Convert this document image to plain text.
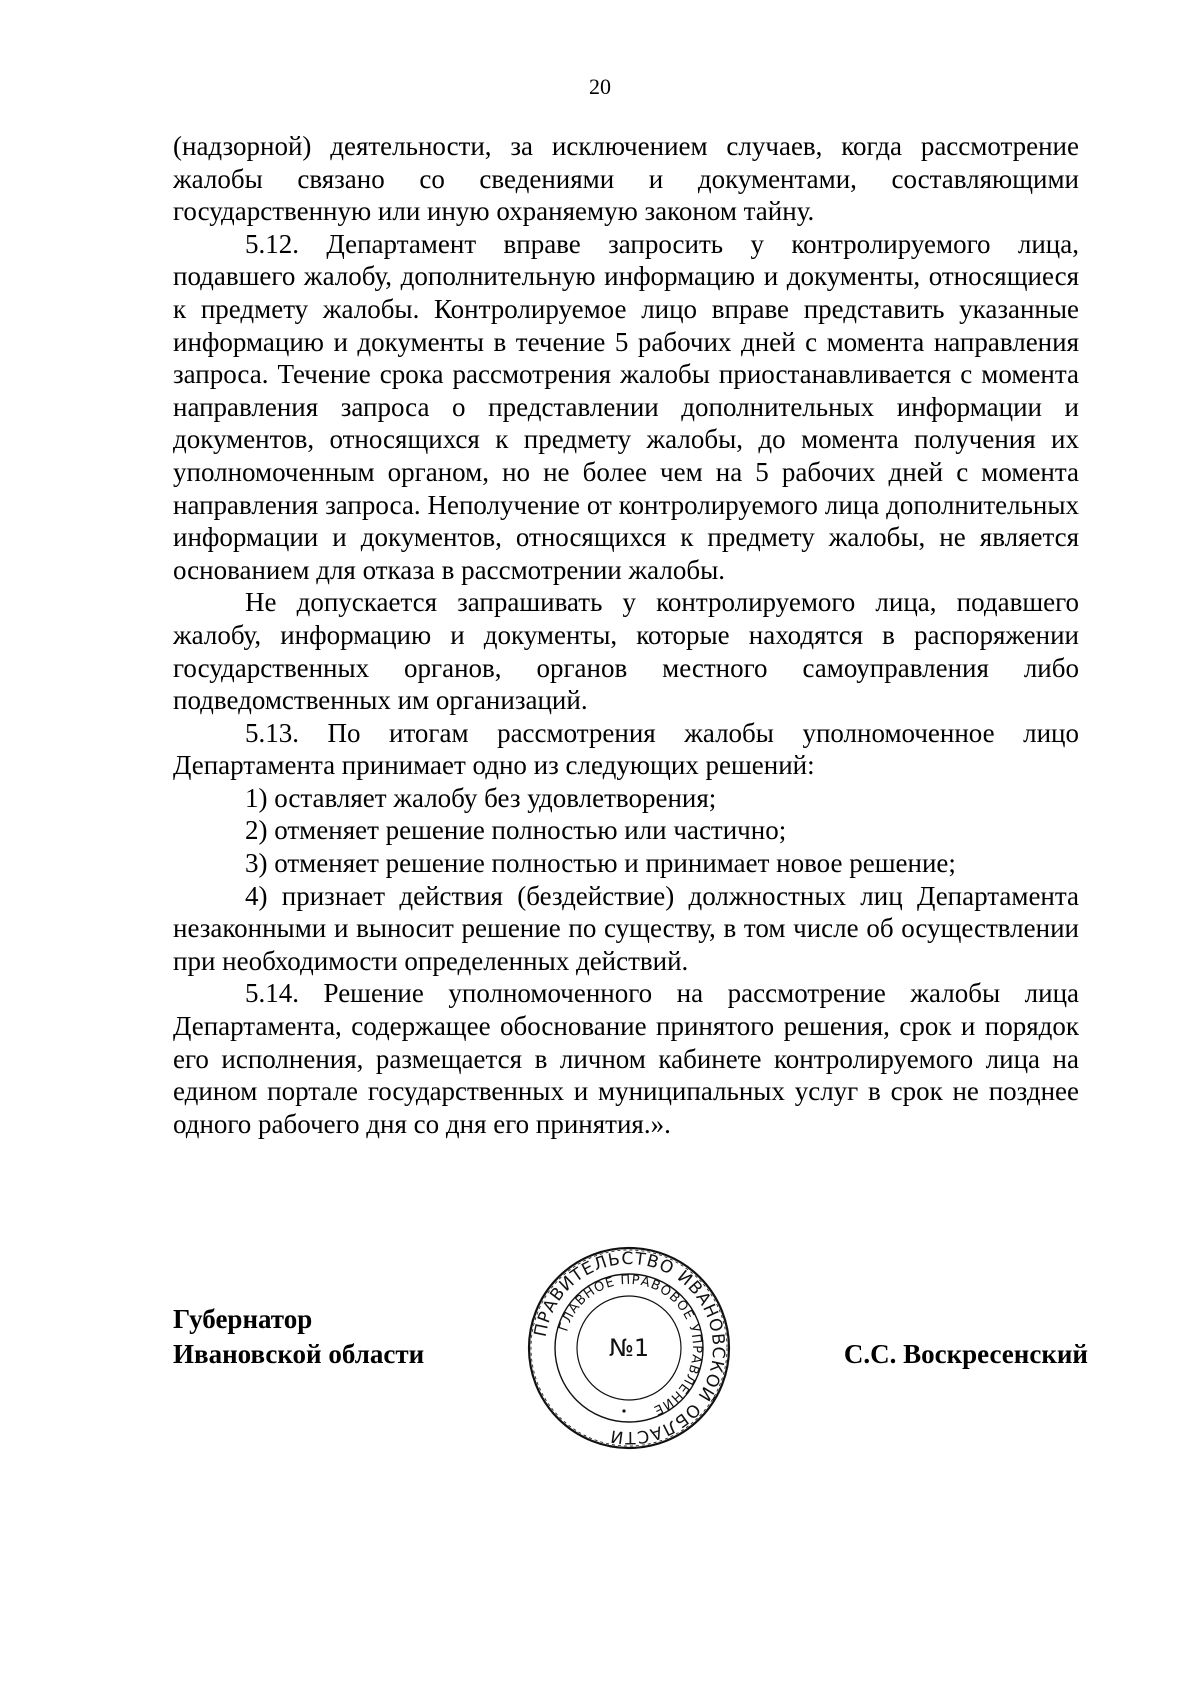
20

(надзорной) деятельности, за исключением случаев, когда рассмотрение жалобы связано со сведениями и документами, составляющими государственную или иную охраняемую законом тайну.

5.12. Департамент вправе запросить у контролируемого лица, подавшего жалобу, дополнительную информацию и документы, относящиеся к предмету жалобы. Контролируемое лицо вправе представить указанные информацию и документы в течение 5 рабочих дней с момента направления запроса. Течение срока рассмотрения жалобы приостанавливается с момента направления запроса о представлении дополнительных информации и документов, относящихся к предмету жалобы, до момента получения их уполномоченным органом, но не более чем на 5 рабочих дней с момента направления запроса. Неполучение от контролируемого лица дополнительных информации и документов, относящихся к предмету жалобы, не является основанием для отказа в рассмотрении жалобы.

Не допускается запрашивать у контролируемого лица, подавшего жалобу, информацию и документы, которые находятся в распоряжении государственных органов, органов местного самоуправления либо подведомственных им организаций.

5.13. По итогам рассмотрения жалобы уполномоченное лицо Департамента принимает одно из следующих решений:

1) оставляет жалобу без удовлетворения;

2) отменяет решение полностью или частично;

3) отменяет решение полностью и принимает новое решение;

4) признает действия (бездействие) должностных лиц Департамента незаконными и выносит решение по существу, в том числе об осуществлении при необходимости определенных действий.

5.14. Решение уполномоченного на рассмотрение жалобы лица Департамента, содержащее обоснование принятого решения, срок и порядок его исполнения, размещается в личном кабинете контролируемого лица на едином портале государственных и муниципальных услуг в срок не позднее одного рабочего дня со дня его принятия.».

Губернатор
Ивановской области
ПРАВИТЕЛЬСТВО ИВАНОВСКОЙ ОБЛАСТИ
ГЛАВНОЕ ПРАВОВОЕ УПРАВЛЕНИЕ
№1	С.С. Воскресенский
